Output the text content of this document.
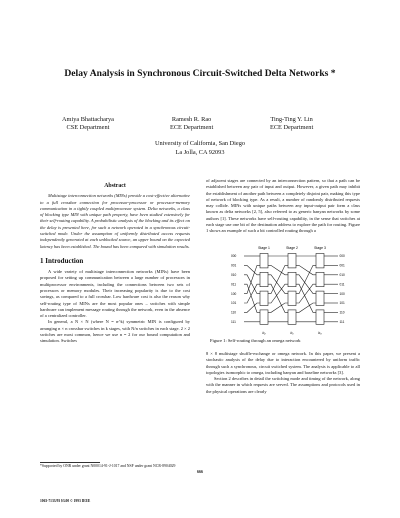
Delay Analysis in Synchronous Circuit-Switched Delta Networks *
Amiya Bhattacharya
CSE Department
Ramesh R. Rao
ECE Department
Ting-Ting Y. Lin
ECE Department
University of California, San Diego
La Jolla, CA 92093
Abstract
Multistage interconnection networks (MINs) provide a cost-effective alternative to a full crossbar connection for processor-processor or processor-memory communication in a tightly coupled multiprocessor system. Delta networks, a class of blocking type MIN with unique path property, have been studied extensively for their self-routing capability. A probabilistic analysis of the blocking and its effect on the delay is presented here, for such a network operated in a synchronous circuit-switched mode. Under the assumption of uniformly distributed access requests independently generated at each unblocked source, an upper bound on the expected latency has been established. The bound has been compared with simulation results.
1 Introduction
A wide variety of multistage interconnection networks (MINs) have been proposed for setting up communication between a large number of processors in multiprocessor environments, including the connections between two sets of processors or memory modules. Their increasing popularity is due to the cost savings, as compared to a full crossbar. Low hardware cost is also the reason why self-routing type of MINs are the most popular ones – switches with simple hardware can implement message routing through the network, even in the absence of a centralized controller.
In general, a N × N (where N = n^k) symmetric MIN is configured by arranging n × n crossbar switches in k stages, with N/n switches in each stage. 2 × 2 switches are most common, hence we use n = 2 for our bound computation and simulation. Switches
*Supported by ONR under grant N00014-91-J-1017 and NSF under grant NCR-8904029
666
1063-7133/93 $3.00 © 1993 IEEE
of adjacent stages are connected by an interconnection pattern, so that a path can be established between any pair of input and output. However, a given path may inhibit the establishment of another path between a completely disjoint pair, making this type of network of blocking type. As a result, a number of randomly distributed requests may collide. MINs with unique paths between any input-output pair form a class known as delta networks [2, 5], also referred to as generic banyan networks by some authors [1]. These networks have self-routing capability, in the sense that switches at each stage use one bit of the destination address to explore the path for routing. Figure 1 shows an example of such a bit controlled routing through a
Stage 1	Stage 2	Stage 3
000
001
010
011
100
101
110
111
000
001
010
011
100
101
110
111
b₂	b₁	b₀
Figure 1: Self-routing through an omega network
8 × 8 multistage shuffle-exchange or omega network. In this paper, we present a stochastic analysis of the delay due to interaction encountered by uniform traffic through such a synchronous, circuit switched system. The analysis is applicable to all topologies isomorphic to omega, including banyan and baseline networks [3].
Section 2 describes in detail the switching mode and timing of the network, along with the manner in which requests are served. The assumptions and protocols used in the physical operations are clearly
